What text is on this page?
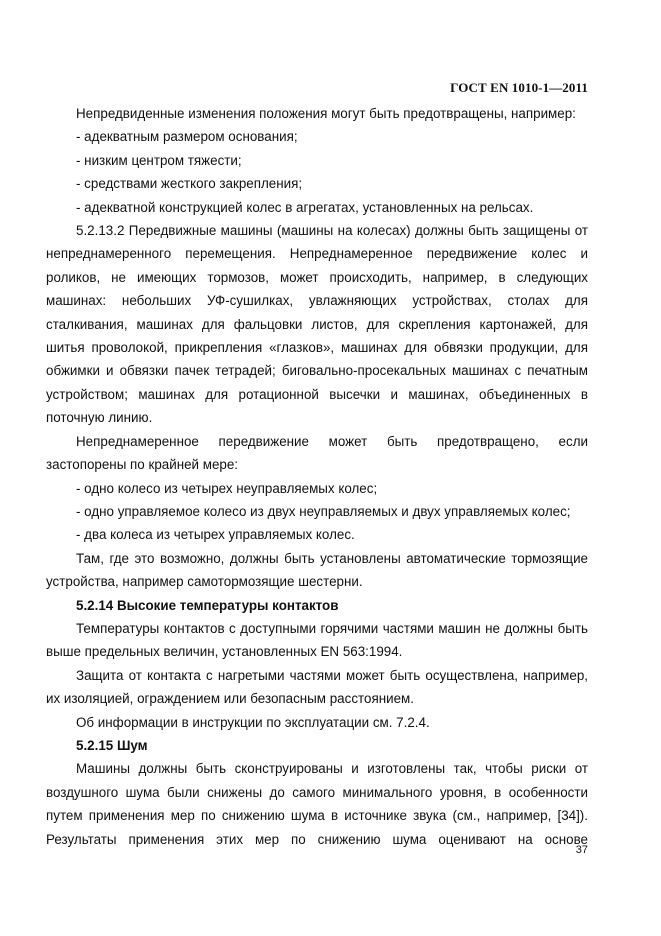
ГОСТ EN 1010-1—2011

Непредвиденные изменения положения могут быть предотвращены, например:

- адекватным размером основания;

- низким центром тяжести;

- средствами жесткого закрепления;

- адекватной конструкцией колес в агрегатах, установленных на рельсах.

5.2.13.2 Передвижные машины (машины на колесах) должны быть защищены от непреднамеренного перемещения. Непреднамеренное передвижение колес и роликов, не имеющих тормозов, может происходить, например, в следующих машинах: небольших УФ-сушилках, увлажняющих устройствах, столах для сталкивания, машинах для фальцовки листов, для скрепления картонажей, для шитья проволокой, прикрепления «глазков», машинах для обвязки продукции, для обжимки и обвязки пачек тетрадей; биговально-просекальных машинах с печатным устройством; машинах для ротационной высечки и машинах, объединенных в поточную линию.

Непреднамеренное передвижение может быть предотвращено, если застопорены по крайней мере:

- одно колесо из четырех неуправляемых колес;

- одно управляемое колесо из двух неуправляемых и двух управляемых колес;

- два колеса из четырех управляемых колес.

Там, где это возможно, должны быть установлены автоматические тормозящие устройства, например самотормозящие шестерни.

5.2.14 Высокие температуры контактов

Температуры контактов с доступными горячими частями машин не должны быть выше предельных величин, установленных EN 563:1994.

Защита от контакта с нагретыми частями может быть осуществлена, например, их изоляцией, ограждением или безопасным расстоянием.

Об информации в инструкции по эксплуатации см. 7.2.4.

5.2.15 Шум

Машины должны быть сконструированы и изготовлены так, чтобы риски от воздушного шума были снижены до самого минимального уровня, в особенности путем применения мер по снижению шума в источнике звука (см., например, [34]). Результаты применения этих мер по снижению шума оценивают на основе

37
